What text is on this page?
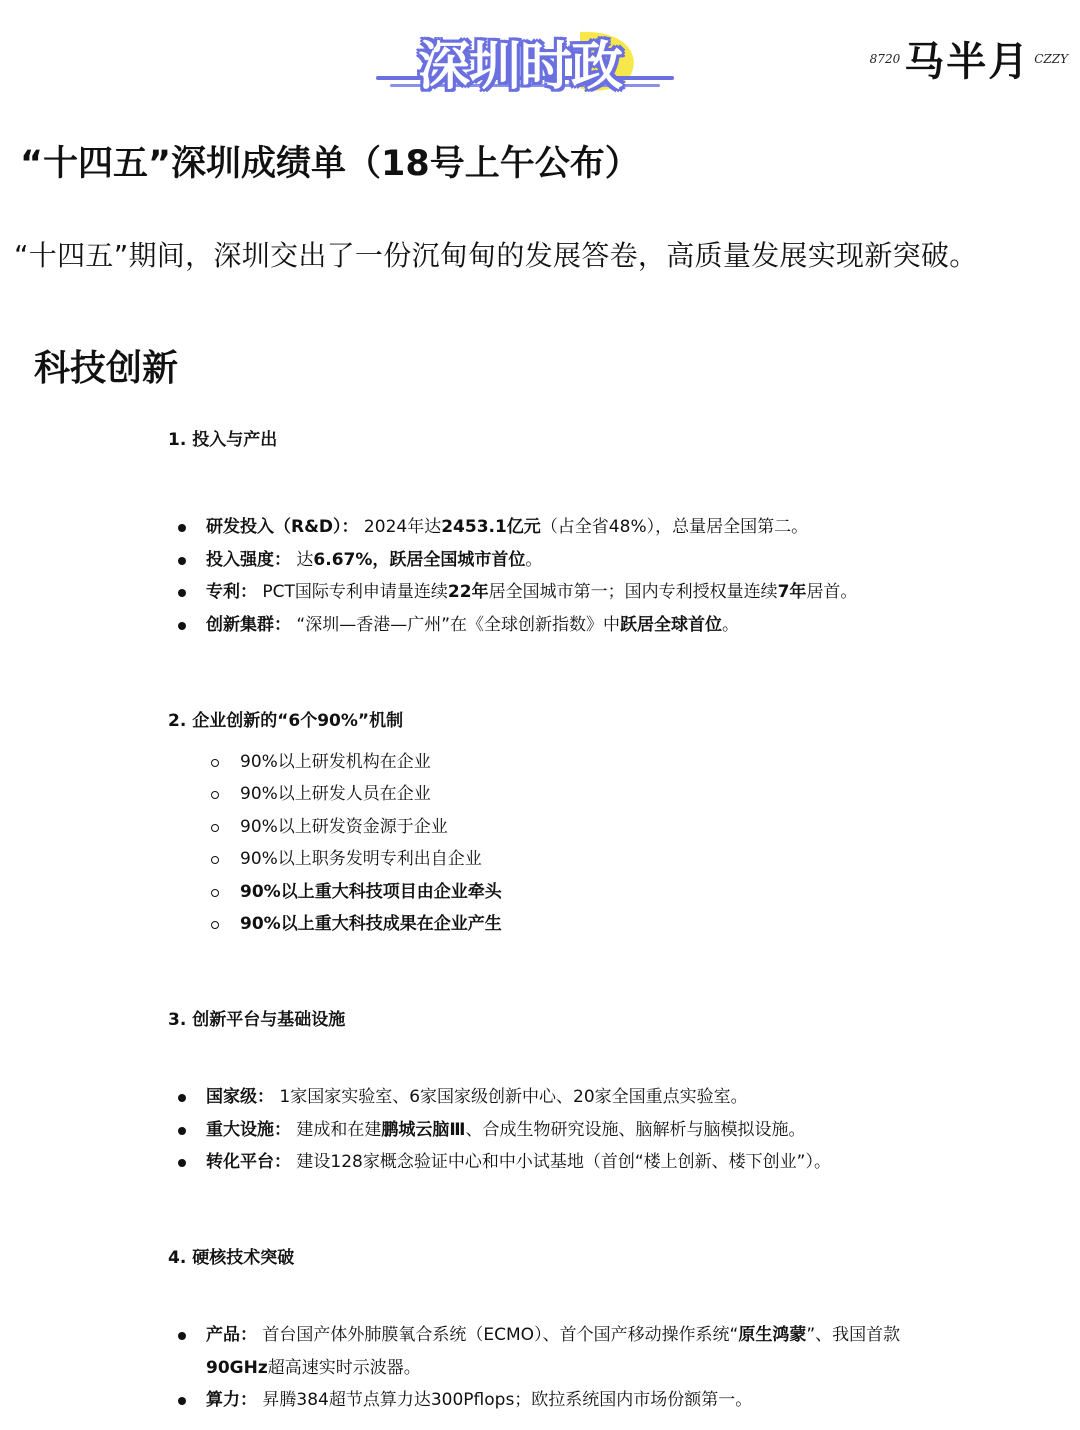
深圳时政	8720 马半月 CZZY
“十四五”深圳成绩单（18号上午公布）
“十四五”期间，深圳交出了一份沉甸甸的发展答卷，高质量发展实现新突破。
科技创新
1. 投入与产出
研发投入（R&D）： 2024年达2453.1亿元（占全省48%），总量居全国第二。
投入强度： 达6.67%，跃居全国城市首位。
专利： PCT国际专利申请量连续22年居全国城市第一；国内专利授权量连续7年居首。
创新集群： “深圳—香港—广州”在《全球创新指数》中跃居全球首位。
2. 企业创新的“6个90%”机制
90%以上研发机构在企业
90%以上研发人员在企业
90%以上研发资金源于企业
90%以上职务发明专利出自企业
90%以上重大科技项目由企业牵头
90%以上重大科技成果在企业产生
3. 创新平台与基础设施
国家级： 1家国家实验室、6家国家级创新中心、20家全国重点实验室。
重大设施： 建成和在建鹏城云脑Ⅲ、合成生物研究设施、脑解析与脑模拟设施。
转化平台： 建设128家概念验证中心和中小试基地（首创“楼上创新、楼下创业”）。
4. 硬核技术突破
产品： 首台国产体外肺膜氧合系统（ECMO）、首个国产移动操作系统“原生鸿蒙”、我国首款90GHz超高速实时示波器。
算力： 昇腾384超节点算力达300Pflops；欧拉系统国内市场份额第一。
